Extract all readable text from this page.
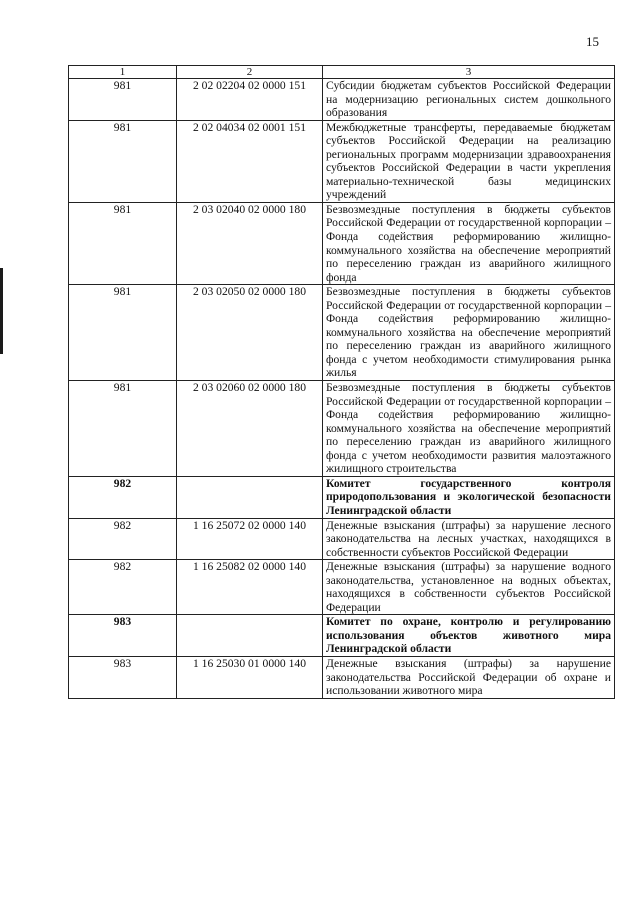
15
1	2	3
981	2 02 02204 02 0000 151	Субсидии бюджетам субъектов Российской Федерации на модернизацию региональных систем дошкольного образования
981	2 02 04034 02 0001 151	Межбюджетные трансферты, передаваемые бюджетам субъектов Российской Федерации на реализацию региональных программ модернизации здравоохранения субъектов Российской Федерации в части укрепления материально-технической базы медицинских учреждений
981	2 03 02040 02 0000 180	Безвозмездные поступления в бюджеты субъектов Российской Федерации от государственной корпорации – Фонда содействия реформированию жилищно-коммунального хозяйства на обеспечение мероприятий по переселению граждан из аварийного жилищного фонда
981	2 03 02050 02 0000 180	Безвозмездные поступления в бюджеты субъектов Российской Федерации от государственной корпорации – Фонда содействия реформированию жилищно-коммунального хозяйства на обеспечение мероприятий по переселению граждан из аварийного жилищного фонда с учетом необходимости стимулирования рынка жилья
981	2 03 02060 02 0000 180	Безвозмездные поступления в бюджеты субъектов Российской Федерации от государственной корпорации – Фонда содействия реформированию жилищно-коммунального хозяйства на обеспечение мероприятий по переселению граждан из аварийного жилищного фонда с учетом необходимости развития малоэтажного жилищного строительства
982		Комитет государственного контроля природопользования и экологической безопасности Ленинградской области
982	1 16 25072 02 0000 140	Денежные взыскания (штрафы) за нарушение лесного законодательства на лесных участках, находящихся в собственности субъектов Российской Федерации
982	1 16 25082 02 0000 140	Денежные взыскания (штрафы) за нарушение водного законодательства, установленное на водных объектах, находящихся в собственности субъектов Российской Федерации
983		Комитет по охране, контролю и регулированию использования объектов животного мира Ленинградской области
983	1 16 25030 01 0000 140	Денежные взыскания (штрафы) за нарушение законодательства Российской Федерации об охране и использовании животного мира
